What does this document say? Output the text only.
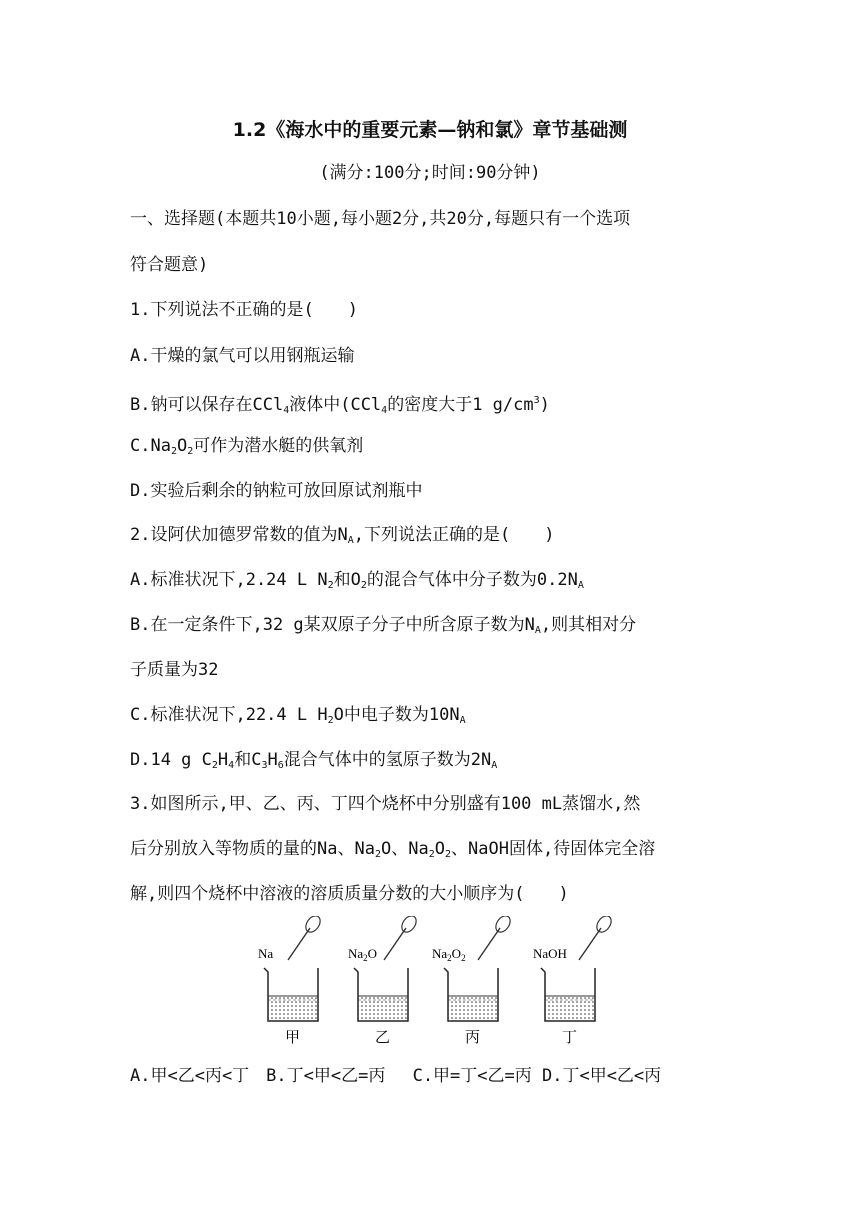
1.2《海水中的重要元素—钠和氯》章节基础测
(满分:100分;时间:90分钟)
一、选择题(本题共10小题,每小题2分,共20分,每题只有一个选项
符合题意)
1.下列说法不正确的是(　　)
A.干燥的氯气可以用钢瓶运输
B.钠可以保存在CCl$_4$液体中(CCl$_4$的密度大于1 $g/cm^3$)
$C.Na_2O_2$可作为潜水艇的供氧剂
D.实验后剩余的钠粒可放回原试剂瓶中
2.设阿伏加德罗常数的值为$N_A$,下列说法正确的是(　　)
A.标准状况下,2.24 L $N_2$和$O_2$的混合气体中分子数为$0.2N_A$
B.在一定条件下,32 g某双原子分子中所含原子数为$N_A$,则其相对分
子质量为32
C.标准状况下,22.4 L $H_2O$中电子数为$10N_A$
D.14 g $C_2H_4$和$C_3H_6$混合气体中的氢原子数为$2N_A$
3.如图所示,甲、乙、丙、丁四个烧杯中分别盛有100 mL蒸馏水,然
后分别放入等物质的量的Na、$Na_2O$、$Na_2O_2$、NaOH固体,待固体完全溶
解,则四个烧杯中溶液的溶质质量分数的大小顺序为(　　)
Na
甲
$Na_2O$
乙
$Na_2O_2$
丙
NaOH
丁
A.甲<乙<丙<丁　B.丁<甲<乙=丙　 C.甲=丁<乙=丙 D.丁<甲<乙<丙
